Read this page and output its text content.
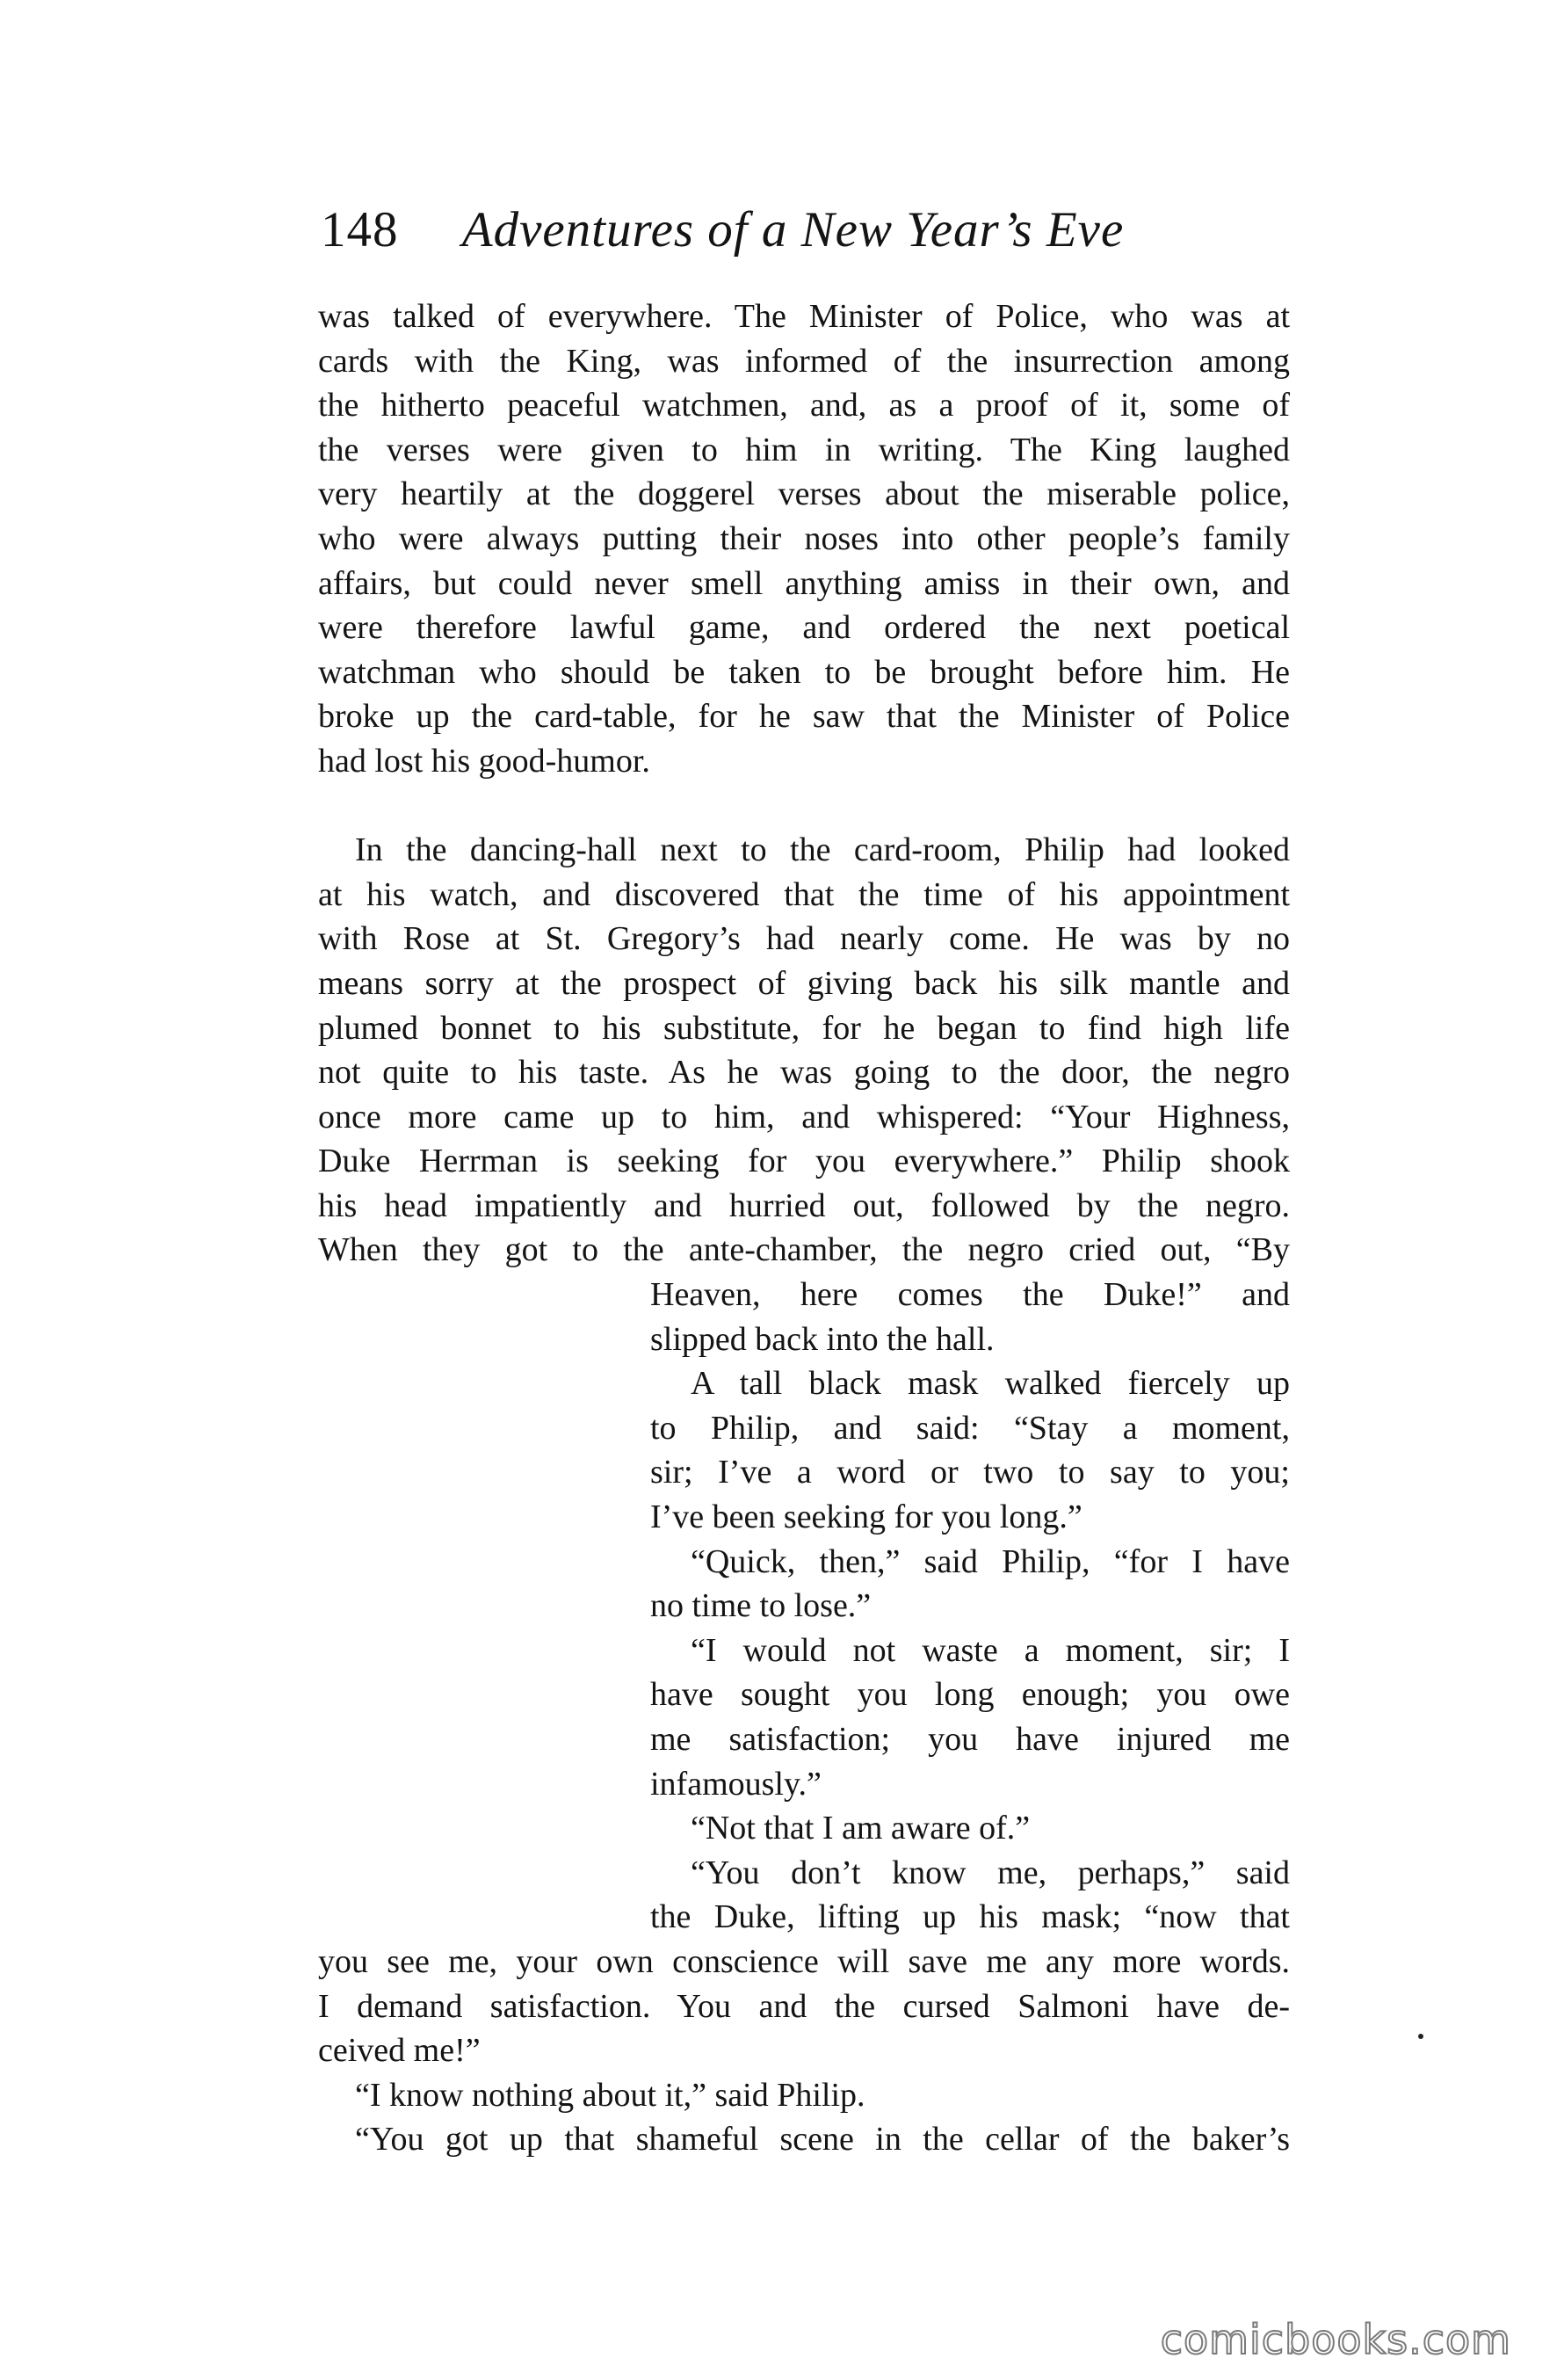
148 Adventures of a New Year’s Eve
was talked of everywhere. The Minister of Police, who was at
cards with the King, was informed of the insurrection among
the hitherto peaceful watchmen, and, as a proof of it, some of
the verses were given to him in writing. The King laughed
very heartily at the doggerel verses about the miserable police,
who were always putting their noses into other people’s family
affairs, but could never smell anything amiss in their own, and
were therefore lawful game, and ordered the next poetical
watchman who should be taken to be brought before him. He
broke up the card-table, for he saw that the Minister of Police
had lost his good-humor.
In the dancing-hall next to the card-room, Philip had looked
at his watch, and discovered that the time of his appointment
with Rose at St. Gregory’s had nearly come. He was by no
means sorry at the prospect of giving back his silk mantle and
plumed bonnet to his substitute, for he began to find high life
not quite to his taste. As he was going to the door, the negro
once more came up to him, and whispered: “Your Highness,
Duke Herrman is seeking for you everywhere.” Philip shook
his head impatiently and hurried out, followed by the negro.
When they got to the ante-chamber, the negro cried out, “By
Heaven, here comes the Duke!” and
slipped back into the hall.
A tall black mask walked fiercely up
to Philip, and said: “Stay a moment,
sir; I’ve a word or two to say to you;
I’ve been seeking for you long.”
“Quick, then,” said Philip, “for I have
no time to lose.”
“I would not waste a moment, sir; I
have sought you long enough; you owe
me satisfaction; you have injured me
infamously.”
“Not that I am aware of.”
“You don’t know me, perhaps,” said
the Duke, lifting up his mask; “now that
you see me, your own conscience will save me any more words.
I demand satisfaction. You and the cursed Salmoni have de-
ceived me!”
“I know nothing about it,” said Philip.
“You got up that shameful scene in the cellar of the baker’s
comicbooks.com
